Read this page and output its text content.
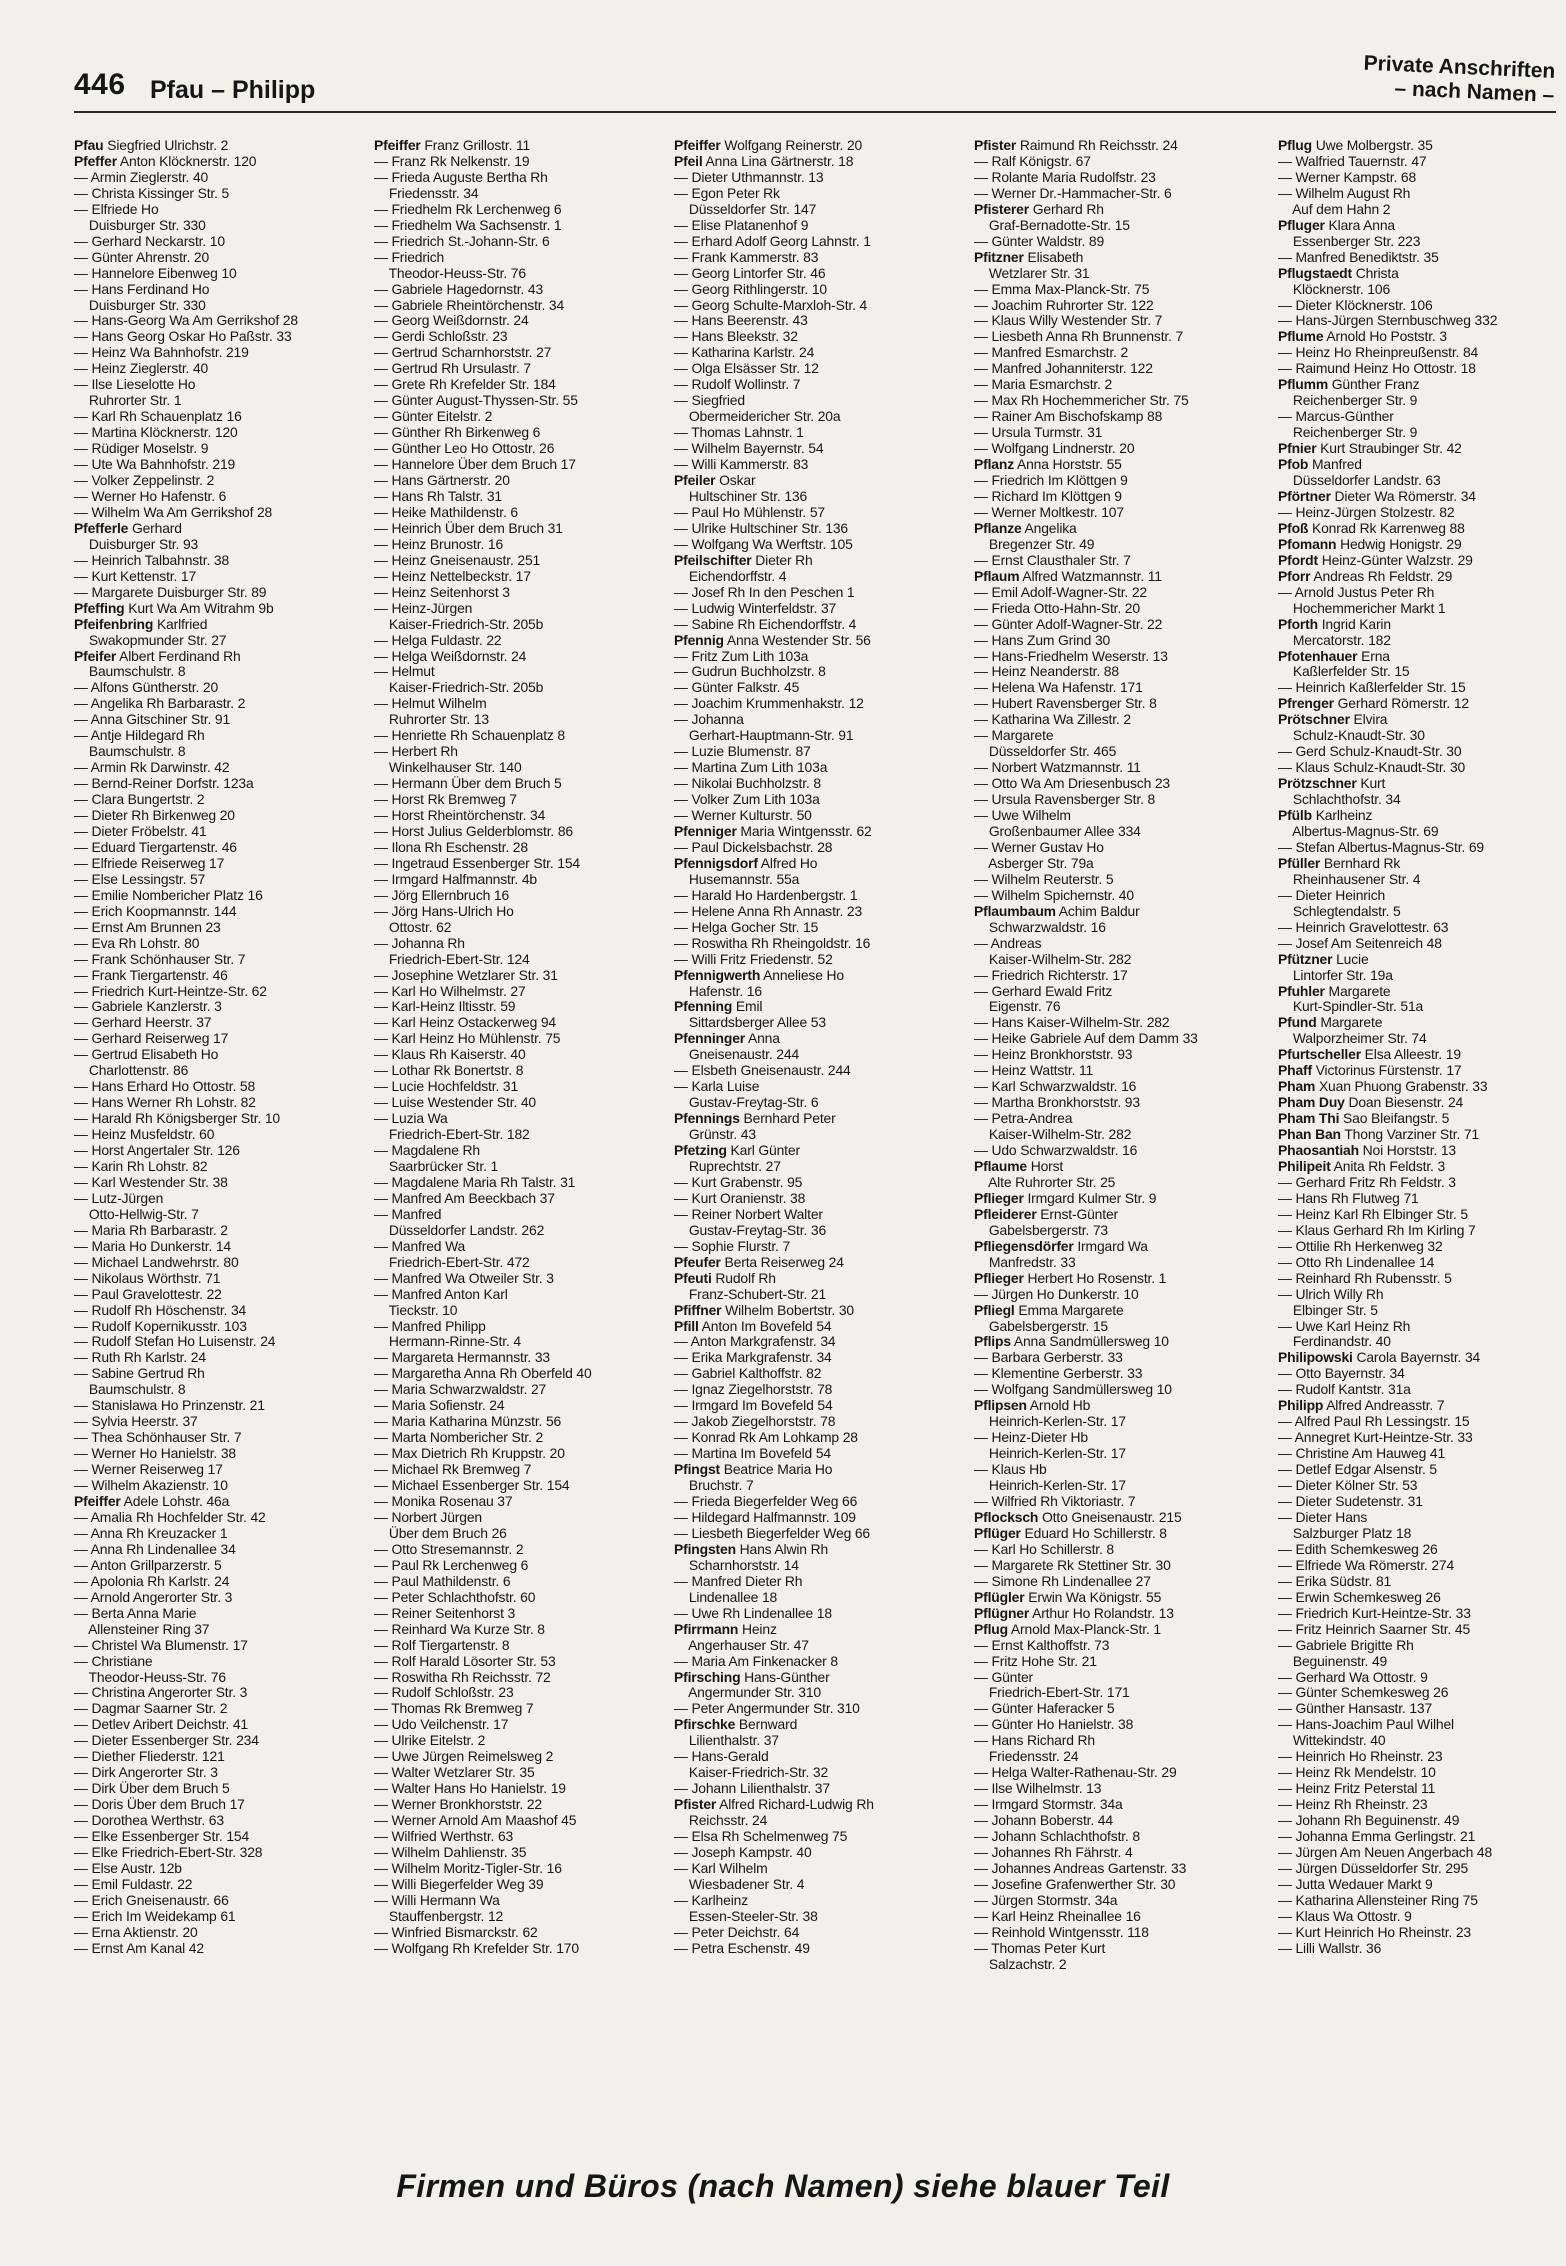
446 Pfau – Philipp
Private Anschriften
– nach Namen –
Pfau Siegfried Ulrichstr. 2
Pfeffer Anton Klöcknerstr. 120
— Armin Zieglerstr. 40
— Christa Kissinger Str. 5
— Elfriede Ho
Duisburger Str. 330
— Gerhard Neckarstr. 10
— Günter Ahrenstr. 20
— Hannelore Eibenweg 10
— Hans Ferdinand Ho
Duisburger Str. 330
— Hans-Georg Wa Am Gerrikshof 28
— Hans Georg Oskar Ho Paßstr. 33
— Heinz Wa Bahnhofstr. 219
— Heinz Zieglerstr. 40
— Ilse Lieselotte Ho
Ruhrorter Str. 1
— Karl Rh Schauenplatz 16
— Martina Klöcknerstr. 120
— Rüdiger Moselstr. 9
— Ute Wa Bahnhofstr. 219
— Volker Zeppelinstr. 2
— Werner Ho Hafenstr. 6
— Wilhelm Wa Am Gerrikshof 28
Pfefferle Gerhard
Duisburger Str. 93
— Heinrich Talbahnstr. 38
— Kurt Kettenstr. 17
— Margarete Duisburger Str. 89
Pfeffing Kurt Wa Am Witrahm 9b
Pfeifenbring Karlfried
Swakopmunder Str. 27
Pfeifer Albert Ferdinand Rh
Baumschulstr. 8
— Alfons Güntherstr. 20
— Angelika Rh Barbarastr. 2
— Anna Gitschiner Str. 91
— Antje Hildegard Rh
Baumschulstr. 8
— Armin Rk Darwinstr. 42
— Bernd-Reiner Dorfstr. 123a
— Clara Bungertstr. 2
— Dieter Rh Birkenweg 20
— Dieter Fröbelstr. 41
— Eduard Tiergartenstr. 46
— Elfriede Reiserweg 17
— Else Lessingstr. 57
— Emilie Nombericher Platz 16
— Erich Koopmannstr. 144
— Ernst Am Brunnen 23
— Eva Rh Lohstr. 80
— Frank Schönhauser Str. 7
— Frank Tiergartenstr. 46
— Friedrich Kurt-Heintze-Str. 62
— Gabriele Kanzlerstr. 3
— Gerhard Heerstr. 37
— Gerhard Reiserweg 17
— Gertrud Elisabeth Ho
Charlottenstr. 86
— Hans Erhard Ho Ottostr. 58
— Hans Werner Rh Lohstr. 82
— Harald Rh Königsberger Str. 10
— Heinz Musfeldstr. 60
— Horst Angertaler Str. 126
— Karin Rh Lohstr. 82
— Karl Westender Str. 38
— Lutz-Jürgen
Otto-Hellwig-Str. 7
— Maria Rh Barbarastr. 2
— Maria Ho Dunkerstr. 14
— Michael Landwehrstr. 80
— Nikolaus Wörthstr. 71
— Paul Gravelottestr. 22
— Rudolf Rh Höschenstr. 34
— Rudolf Kopernikusstr. 103
— Rudolf Stefan Ho Luisenstr. 24
— Ruth Rh Karlstr. 24
— Sabine Gertrud Rh
Baumschulstr. 8
— Stanislawa Ho Prinzenstr. 21
— Sylvia Heerstr. 37
— Thea Schönhauser Str. 7
— Werner Ho Hanielstr. 38
— Werner Reiserweg 17
— Wilhelm Akazienstr. 10
Pfeiffer Adele Lohstr. 46a
— Amalia Rh Hochfelder Str. 42
— Anna Rh Kreuzacker 1
— Anna Rh Lindenallee 34
— Anton Grillparzerstr. 5
— Apolonia Rh Karlstr. 24
— Arnold Angerorter Str. 3
— Berta Anna Marie
Allensteiner Ring 37
— Christel Wa Blumenstr. 17
— Christiane
Theodor-Heuss-Str. 76
— Christina Angerorter Str. 3
— Dagmar Saarner Str. 2
— Detlev Aribert Deichstr. 41
— Dieter Essenberger Str. 234
— Diether Fliederstr. 121
— Dirk Angerorter Str. 3
— Dirk Über dem Bruch 5
— Doris Über dem Bruch 17
— Dorothea Werthstr. 63
— Elke Essenberger Str. 154
— Elke Friedrich-Ebert-Str. 328
— Else Austr. 12b
— Emil Fuldastr. 22
— Erich Gneisenaustr. 66
— Erich Im Weidekamp 61
— Erna Aktienstr. 20
— Ernst Am Kanal 42
Pfeiffer Franz Grillostr. 11
— Franz Rk Nelkenstr. 19
— Frieda Auguste Bertha Rh
Friedensstr. 34
— Friedhelm Rk Lerchenweg 6
— Friedhelm Wa Sachsenstr. 1
— Friedrich St.-Johann-Str. 6
— Friedrich
Theodor-Heuss-Str. 76
— Gabriele Hagedornstr. 43
— Gabriele Rheintörchenstr. 34
— Georg Weißdornstr. 24
— Gerdi Schloßstr. 23
— Gertrud Scharnhorststr. 27
— Gertrud Rh Ursulastr. 7
— Grete Rh Krefelder Str. 184
— Günter August-Thyssen-Str. 55
— Günter Eitelstr. 2
— Günther Rh Birkenweg 6
— Günther Leo Ho Ottostr. 26
— Hannelore Über dem Bruch 17
— Hans Gärtnerstr. 20
— Hans Rh Talstr. 31
— Heike Mathildenstr. 6
— Heinrich Über dem Bruch 31
— Heinz Brunostr. 16
— Heinz Gneisenaustr. 251
— Heinz Nettelbeckstr. 17
— Heinz Seitenhorst 3
— Heinz-Jürgen
Kaiser-Friedrich-Str. 205b
— Helga Fuldastr. 22
— Helga Weißdornstr. 24
— Helmut
Kaiser-Friedrich-Str. 205b
— Helmut Wilhelm
Ruhrorter Str. 13
— Henriette Rh Schauenplatz 8
— Herbert Rh
Winkelhauser Str. 140
— Hermann Über dem Bruch 5
— Horst Rk Bremweg 7
— Horst Rheintörchenstr. 34
— Horst Julius Gelderblomstr. 86
— Ilona Rh Eschenstr. 28
— Ingetraud Essenberger Str. 154
— Irmgard Halfmannstr. 4b
— Jörg Ellernbruch 16
— Jörg Hans-Ulrich Ho
Ottostr. 62
— Johanna Rh
Friedrich-Ebert-Str. 124
— Josephine Wetzlarer Str. 31
— Karl Ho Wilhelmstr. 27
— Karl-Heinz Iltisstr. 59
— Karl Heinz Ostackerweg 94
— Karl Heinz Ho Mühlenstr. 75
— Klaus Rh Kaiserstr. 40
— Lothar Rk Bonertstr. 8
— Lucie Hochfeldstr. 31
— Luise Westender Str. 40
— Luzia Wa
Friedrich-Ebert-Str. 182
— Magdalene Rh
Saarbrücker Str. 1
— Magdalene Maria Rh Talstr. 31
— Manfred Am Beeckbach 37
— Manfred
Düsseldorfer Landstr. 262
— Manfred Wa
Friedrich-Ebert-Str. 472
— Manfred Wa Otweiler Str. 3
— Manfred Anton Karl
Tieckstr. 10
— Manfred Philipp
Hermann-Rinne-Str. 4
— Margareta Hermannstr. 33
— Margaretha Anna Rh Oberfeld 40
— Maria Schwarzwaldstr. 27
— Maria Sofienstr. 24
— Maria Katharina Münzstr. 56
— Marta Nombericher Str. 2
— Max Dietrich Rh Kruppstr. 20
— Michael Rk Bremweg 7
— Michael Essenberger Str. 154
— Monika Rosenau 37
— Norbert Jürgen
Über dem Bruch 26
— Otto Stresemannstr. 2
— Paul Rk Lerchenweg 6
— Paul Mathildenstr. 6
— Peter Schlachthofstr. 60
— Reiner Seitenhorst 3
— Reinhard Wa Kurze Str. 8
— Rolf Tiergartenstr. 8
— Rolf Harald Lösorter Str. 53
— Roswitha Rh Reichsstr. 72
— Rudolf Schloßstr. 23
— Thomas Rk Bremweg 7
— Udo Veilchenstr. 17
— Ulrike Eitelstr. 2
— Uwe Jürgen Reimelsweg 2
— Walter Wetzlarer Str. 35
— Walter Hans Ho Hanielstr. 19
— Werner Bronkhorststr. 22
— Werner Arnold Am Maashof 45
— Wilfried Werthstr. 63
— Wilhelm Dahlienstr. 35
— Wilhelm Moritz-Tigler-Str. 16
— Willi Biegerfelder Weg 39
— Willi Hermann Wa
Stauffenbergstr. 12
— Winfried Bismarckstr. 62
— Wolfgang Rh Krefelder Str. 170
Pfeiffer Wolfgang Reinerstr. 20
Pfeil Anna Lina Gärtnerstr. 18
— Dieter Uthmannstr. 13
— Egon Peter Rk
Düsseldorfer Str. 147
— Elise Platanenhof 9
— Erhard Adolf Georg Lahnstr. 1
— Frank Kammerstr. 83
— Georg Lintorfer Str. 46
— Georg Rithlingerstr. 10
— Georg Schulte-Marxloh-Str. 4
— Hans Beerenstr. 43
— Hans Bleekstr. 32
— Katharina Karlstr. 24
— Olga Elsässer Str. 12
— Rudolf Wollinstr. 7
— Siegfried
Obermeidericher Str. 20a
— Thomas Lahnstr. 1
— Wilhelm Bayernstr. 54
— Willi Kammerstr. 83
Pfeiler Oskar
Hultschiner Str. 136
— Paul Ho Mühlenstr. 57
— Ulrike Hultschiner Str. 136
— Wolfgang Wa Werftstr. 105
Pfeilschifter Dieter Rh
Eichendorffstr. 4
— Josef Rh In den Peschen 1
— Ludwig Winterfeldstr. 37
— Sabine Rh Eichendorffstr. 4
Pfennig Anna Westender Str. 56
— Fritz Zum Lith 103a
— Gudrun Buchholzstr. 8
— Günter Falkstr. 45
— Joachim Krummenhakstr. 12
— Johanna
Gerhart-Hauptmann-Str. 91
— Luzie Blumenstr. 87
— Martina Zum Lith 103a
— Nikolai Buchholzstr. 8
— Volker Zum Lith 103a
— Werner Kulturstr. 50
Pfenniger Maria Wintgensstr. 62
— Paul Dickelsbachstr. 28
Pfennigsdorf Alfred Ho
Husemannstr. 55a
— Harald Ho Hardenbergstr. 1
— Helene Anna Rh Annastr. 23
— Helga Gocher Str. 15
— Roswitha Rh Rheingoldstr. 16
— Willi Fritz Friedenstr. 52
Pfennigwerth Anneliese Ho
Hafenstr. 16
Pfenning Emil
Sittardsberger Allee 53
Pfenninger Anna
Gneisenaustr. 244
— Elsbeth Gneisenaustr. 244
— Karla Luise
Gustav-Freytag-Str. 6
Pfennings Bernhard Peter
Grünstr. 43
Pfetzing Karl Günter
Ruprechtstr. 27
— Kurt Grabenstr. 95
— Kurt Oranienstr. 38
— Reiner Norbert Walter
Gustav-Freytag-Str. 36
— Sophie Flurstr. 7
Pfeufer Berta Reiserweg 24
Pfeuti Rudolf Rh
Franz-Schubert-Str. 21
Pfiffner Wilhelm Bobertstr. 30
Pfill Anton Im Bovefeld 54
— Anton Markgrafenstr. 34
— Erika Markgrafenstr. 34
— Gabriel Kalthoffstr. 82
— Ignaz Ziegelhorststr. 78
— Irmgard Im Bovefeld 54
— Jakob Ziegelhorststr. 78
— Konrad Rk Am Lohkamp 28
— Martina Im Bovefeld 54
Pfingst Beatrice Maria Ho
Bruchstr. 7
— Frieda Biegerfelder Weg 66
— Hildegard Halfmannstr. 109
— Liesbeth Biegerfelder Weg 66
Pfingsten Hans Alwin Rh
Scharnhorststr. 14
— Manfred Dieter Rh
Lindenallee 18
— Uwe Rh Lindenallee 18
Pfirrmann Heinz
Angerhauser Str. 47
— Maria Am Finkenacker 8
Pfirsching Hans-Günther
Angermunder Str. 310
— Peter Angermunder Str. 310
Pfirschke Bernward
Lilienthalstr. 37
— Hans-Gerald
Kaiser-Friedrich-Str. 32
— Johann Lilienthalstr. 37
Pfister Alfred Richard-Ludwig Rh
Reichsstr. 24
— Elsa Rh Schelmenweg 75
— Joseph Kampstr. 40
— Karl Wilhelm
Wiesbadener Str. 4
— Karlheinz
Essen-Steeler-Str. 38
— Peter Deichstr. 64
— Petra Eschenstr. 49
Pfister Raimund Rh Reichsstr. 24
— Ralf Königstr. 67
— Rolante Maria Rudolfstr. 23
— Werner Dr.-Hammacher-Str. 6
Pfisterer Gerhard Rh
Graf-Bernadotte-Str. 15
— Günter Waldstr. 89
Pfitzner Elisabeth
Wetzlarer Str. 31
— Emma Max-Planck-Str. 75
— Joachim Ruhrorter Str. 122
— Klaus Willy Westender Str. 7
— Liesbeth Anna Rh Brunnenstr. 7
— Manfred Esmarchstr. 2
— Manfred Johanniterstr. 122
— Maria Esmarchstr. 2
— Max Rh Hochemmericher Str. 75
— Rainer Am Bischofskamp 88
— Ursula Turmstr. 31
— Wolfgang Lindnerstr. 20
Pflanz Anna Horststr. 55
— Friedrich Im Klöttgen 9
— Richard Im Klöttgen 9
— Werner Moltkestr. 107
Pflanze Angelika
Bregenzer Str. 49
— Ernst Clausthaler Str. 7
Pflaum Alfred Watzmannstr. 11
— Emil Adolf-Wagner-Str. 22
— Frieda Otto-Hahn-Str. 20
— Günter Adolf-Wagner-Str. 22
— Hans Zum Grind 30
— Hans-Friedhelm Weserstr. 13
— Heinz Neanderstr. 88
— Helena Wa Hafenstr. 171
— Hubert Ravensberger Str. 8
— Katharina Wa Zillestr. 2
— Margarete
Düsseldorfer Str. 465
— Norbert Watzmannstr. 11
— Otto Wa Am Driesenbusch 23
— Ursula Ravensberger Str. 8
— Uwe Wilhelm
Großenbaumer Allee 334
— Werner Gustav Ho
Asberger Str. 79a
— Wilhelm Reuterstr. 5
— Wilhelm Spichernstr. 40
Pflaumbaum Achim Baldur
Schwarzwaldstr. 16
— Andreas
Kaiser-Wilhelm-Str. 282
— Friedrich Richterstr. 17
— Gerhard Ewald Fritz
Eigenstr. 76
— Hans Kaiser-Wilhelm-Str. 282
— Heike Gabriele Auf dem Damm 33
— Heinz Bronkhorststr. 93
— Heinz Wattstr. 11
— Karl Schwarzwaldstr. 16
— Martha Bronkhorststr. 93
— Petra-Andrea
Kaiser-Wilhelm-Str. 282
— Udo Schwarzwaldstr. 16
Pflaume Horst
Alte Ruhrorter Str. 25
Pflieger Irmgard Kulmer Str. 9
Pfleiderer Ernst-Günter
Gabelsbergerstr. 73
Pfliegensdörfer Irmgard Wa
Manfredstr. 33
Pflieger Herbert Ho Rosenstr. 1
— Jürgen Ho Dunkerstr. 10
Pfliegl Emma Margarete
Gabelsbergerstr. 15
Pflips Anna Sandmüllersweg 10
— Barbara Gerberstr. 33
— Klementine Gerberstr. 33
— Wolfgang Sandmüllersweg 10
Pflipsen Arnold Hb
Heinrich-Kerlen-Str. 17
— Heinz-Dieter Hb
Heinrich-Kerlen-Str. 17
— Klaus Hb
Heinrich-Kerlen-Str. 17
— Wilfried Rh Viktoriastr. 7
Pflocksch Otto Gneisenaustr. 215
Pflüger Eduard Ho Schillerstr. 8
— Karl Ho Schillerstr. 8
— Margarete Rk Stettiner Str. 30
— Simone Rh Lindenallee 27
Pflügler Erwin Wa Königstr. 55
Pflügner Arthur Ho Rolandstr. 13
Pflug Arnold Max-Planck-Str. 1
— Ernst Kalthoffstr. 73
— Fritz Hohe Str. 21
— Günter
Friedrich-Ebert-Str. 171
— Günter Haferacker 5
— Günter Ho Hanielstr. 38
— Hans Richard Rh
Friedensstr. 24
— Helga Walter-Rathenau-Str. 29
— Ilse Wilhelmstr. 13
— Irmgard Stormstr. 34a
— Johann Boberstr. 44
— Johann Schlachthofstr. 8
— Johannes Rh Fährstr. 4
— Johannes Andreas Gartenstr. 33
— Josefine Grafenwerther Str. 30
— Jürgen Stormstr. 34a
— Karl Heinz Rheinallee 16
— Reinhold Wintgensstr. 118
— Thomas Peter Kurt
Salzachstr. 2
Pflug Uwe Molbergstr. 35
— Walfried Tauernstr. 47
— Werner Kampstr. 68
— Wilhelm August Rh
Auf dem Hahn 2
Pfluger Klara Anna
Essenberger Str. 223
— Manfred Benediktstr. 35
Pflugstaedt Christa
Klöcknerstr. 106
— Dieter Klöcknerstr. 106
— Hans-Jürgen Sternbuschweg 332
Pflume Arnold Ho Poststr. 3
— Heinz Ho Rheinpreußenstr. 84
— Raimund Heinz Ho Ottostr. 18
Pflumm Günther Franz
Reichenberger Str. 9
— Marcus-Günther
Reichenberger Str. 9
Pfnier Kurt Straubinger Str. 42
Pfob Manfred
Düsseldorfer Landstr. 63
Pförtner Dieter Wa Römerstr. 34
— Heinz-Jürgen Stolzestr. 82
Pfoß Konrad Rk Karrenweg 88
Pfomann Hedwig Honigstr. 29
Pfordt Heinz-Günter Walzstr. 29
Pforr Andreas Rh Feldstr. 29
— Arnold Justus Peter Rh
Hochemmericher Markt 1
Pforth Ingrid Karin
Mercatorstr. 182
Pfotenhauer Erna
Kaßlerfelder Str. 15
— Heinrich Kaßlerfelder Str. 15
Pfrenger Gerhard Römerstr. 12
Prötschner Elvira
Schulz-Knaudt-Str. 30
— Gerd Schulz-Knaudt-Str. 30
— Klaus Schulz-Knaudt-Str. 30
Prötzschner Kurt
Schlachthofstr. 34
Pfülb Karlheinz
Albertus-Magnus-Str. 69
— Stefan Albertus-Magnus-Str. 69
Pfüller Bernhard Rk
Rheinhausener Str. 4
— Dieter Heinrich
Schlegtendalstr. 5
— Heinrich Gravelottestr. 63
— Josef Am Seitenreich 48
Pfützner Lucie
Lintorfer Str. 19a
Pfuhler Margarete
Kurt-Spindler-Str. 51a
Pfund Margarete
Walporzheimer Str. 74
Pfurtscheller Elsa Alleestr. 19
Phaff Victorinus Fürstenstr. 17
Pham Xuan Phuong Grabenstr. 33
Pham Duy Doan Biesenstr. 24
Pham Thi Sao Bleifangstr. 5
Phan Ban Thong Varziner Str. 71
Phaosantiah Noi Horststr. 13
Philipeit Anita Rh Feldstr. 3
— Gerhard Fritz Rh Feldstr. 3
— Hans Rh Flutweg 71
— Heinz Karl Rh Elbinger Str. 5
— Klaus Gerhard Rh Im Kirling 7
— Ottilie Rh Herkenweg 32
— Otto Rh Lindenallee 14
— Reinhard Rh Rubensstr. 5
— Ulrich Willy Rh
Elbinger Str. 5
— Uwe Karl Heinz Rh
Ferdinandstr. 40
Philipowski Carola Bayernstr. 34
— Otto Bayernstr. 34
— Rudolf Kantstr. 31a
Philipp Alfred Andreasstr. 7
— Alfred Paul Rh Lessingstr. 15
— Annegret Kurt-Heintze-Str. 33
— Christine Am Hauweg 41
— Detlef Edgar Alsenstr. 5
— Dieter Kölner Str. 53
— Dieter Sudetenstr. 31
— Dieter Hans
Salzburger Platz 18
— Edith Schemkesweg 26
— Elfriede Wa Römerstr. 274
— Erika Südstr. 81
— Erwin Schemkesweg 26
— Friedrich Kurt-Heintze-Str. 33
— Fritz Heinrich Saarner Str. 45
— Gabriele Brigitte Rh
Beguinenstr. 49
— Gerhard Wa Ottostr. 9
— Günter Schemkesweg 26
— Günther Hansastr. 137
— Hans-Joachim Paul Wilhel
Wittekindstr. 40
— Heinrich Ho Rheinstr. 23
— Heinz Rk Mendelstr. 10
— Heinz Fritz Peterstal 11
— Heinz Rh Rheinstr. 23
— Johann Rh Beguinenstr. 49
— Johanna Emma Gerlingstr. 21
— Jürgen Am Neuen Angerbach 48
— Jürgen Düsseldorfer Str. 295
— Jutta Wedauer Markt 9
— Katharina Allensteiner Ring 75
— Klaus Wa Ottostr. 9
— Kurt Heinrich Ho Rheinstr. 23
— Lilli Wallstr. 36
Firmen und Büros (nach Namen) siehe blauer Teil
